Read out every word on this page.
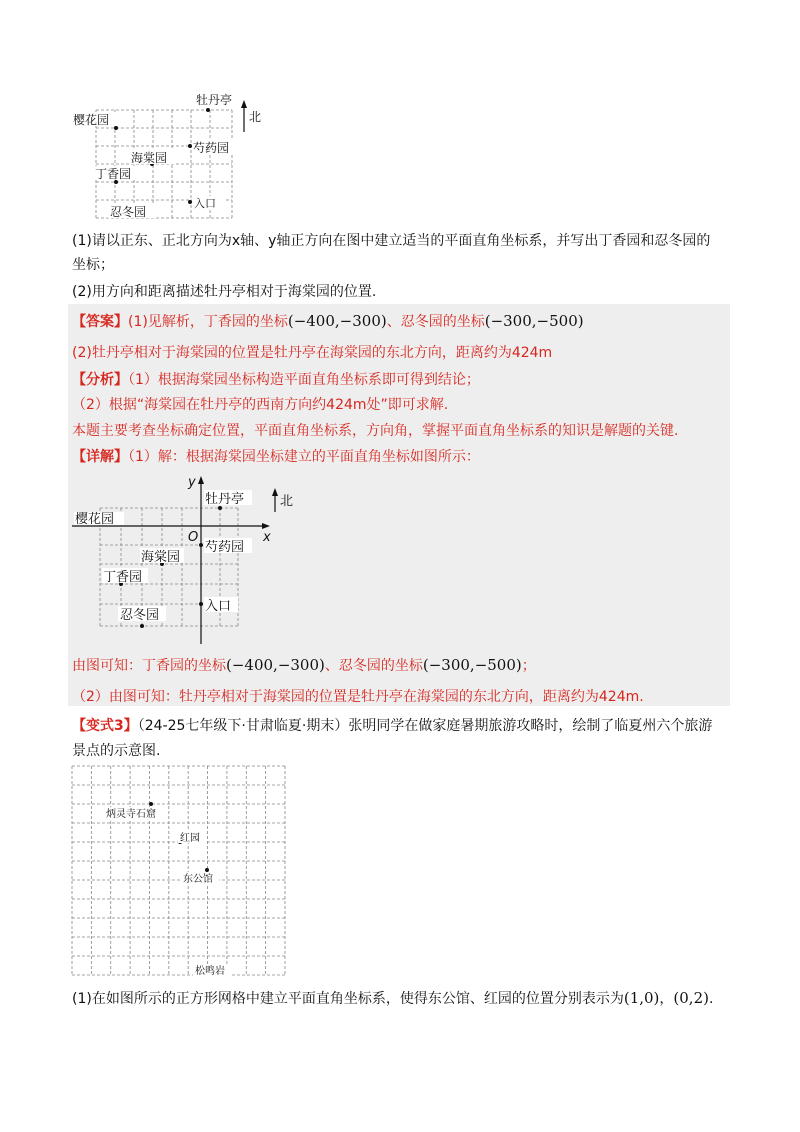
牡丹亭
北
樱花园
芍药园
海棠园
丁香园
忍冬园
入口
(1)请以正东、正北方向为x轴、y轴正方向在图中建立适当的平面直角坐标系，并写出丁香园和忍冬园的
坐标；
(2)用方向和距离描述牡丹亭相对于海棠园的位置.
【答案】(1)见解析，丁香园的坐标(−400,−300)、忍冬园的坐标(−300,−500)
(2)牡丹亭相对于海棠园的位置是牡丹亭在海棠园的东北方向，距离约为424m
【分析】（1）根据海棠园坐标构造平面直角坐标系即可得到结论；
（2）根据“海棠园在牡丹亭的西南方向约424m处”即可求解.
本题主要考查坐标确定位置，平面直角坐标系，方向角，掌握平面直角坐标系的知识是解题的关键.
【详解】（1）解：根据海棠园坐标建立的平面直角坐标如图所示：
y
牡丹亭	北
樱花园
O	x
芍药园
海棠园
丁香园
入口
忍冬园
由图可知：丁香园的坐标(−400,−300)、忍冬园的坐标(−300,−500)；
（2）由图可知：牡丹亭相对于海棠园的位置是牡丹亭在海棠园的东北方向，距离约为424m.
【变式3】（24-25七年级下·甘肃临夏·期末）张明同学在做家庭暑期旅游攻略时，绘制了临夏州六个旅游
景点的示意图.
炳灵寺石窟
红园
东公馆
松鸣岩
(1)在如图所示的正方形网格中建立平面直角坐标系，使得东公馆、红园的位置分别表示为(1,0)，(0,2).
